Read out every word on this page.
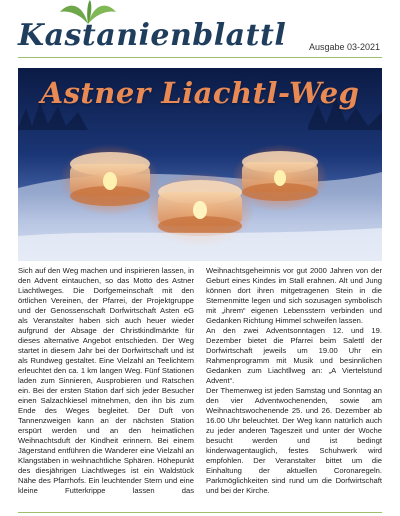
Kastanienblattl	Ausgabe 03-2021
Astner Liachtl-Weg

Sich auf den Weg machen und inspirieren lassen, in den Advent eintauchen, so das Motto des Astner Liachtlweges. Die Dorfgemeinschaft mit den örtlichen Vereinen, der Pfarrei, der Projektgruppe und der Genossenschaft Dorfwirtschaft Asten eG als Veranstalter haben sich auch heuer wieder aufgrund der Absage der Christkindlmärkte für dieses alternative Angebot entschieden. Der Weg startet in diesem Jahr bei der Dorfwirtschaft und ist als Rundweg gestaltet. Eine Vielzahl an Teelichtern erleuchtet den ca. 1 km langen Weg. Fünf Stationen laden zum Sinnieren, Ausprobieren und Ratschen ein. Bei der ersten Station darf sich jeder Besucher einen Salzachkiesel mitnehmen, den ihn bis zum Ende des Weges begleitet. Der Duft von Tannenzweigen kann an der nächsten Station erspürt werden und an den heimatlichen Weihnachtsduft der Kindheit erinnern. Bei einem Jägerstand entführen die Wanderer eine Vielzahl an Klangstäben in weihnachtliche Sphären. Höhepunkt des diesjährigen Liachtlweges ist ein Waldstück Nähe des Pfarrhofs. Ein leuchtender Stern und eine kleine Futterkrippe lassen das Weihnachtsgeheimnis vor gut 2000 Jahren von der Geburt eines Kindes im Stall erahnen. Alt und Jung können dort ihren mitgetragenen Stein in die Sternenmitte legen und sich sozusagen symbolisch mit „ihrem“ eigenen Lebensstern verbinden und Gedanken Richtung Himmel schweifen lassen.

An den zwei Adventsonntagen 12. und 19. Dezember bietet die Pfarrei beim Salettl der Dorfwirtschaft jeweils um 19.00 Uhr ein Rahmenprogramm mit Musik und besinnlichen Gedanken zum Liachtllweg an: „A Viertelstund Advent“.

Der Themenweg ist jeden Samstag und Sonntag an den vier Adventwochenenden, sowie am Weihnachtswochenende 25. und 26. Dezember ab 16.00 Uhr beleuchtet. Der Weg kann natürlich auch zu jeder anderen Tageszeit und unter der Woche besucht werden und ist bedingt kinderwagentauglich, festes Schuhwerk wird empfohlen. Der Veranstalter bittet um die Einhaltung der aktuellen Coronaregeln. Parkmöglichkeiten sind rund um die Dorfwirtschaft und bei der Kirche.
